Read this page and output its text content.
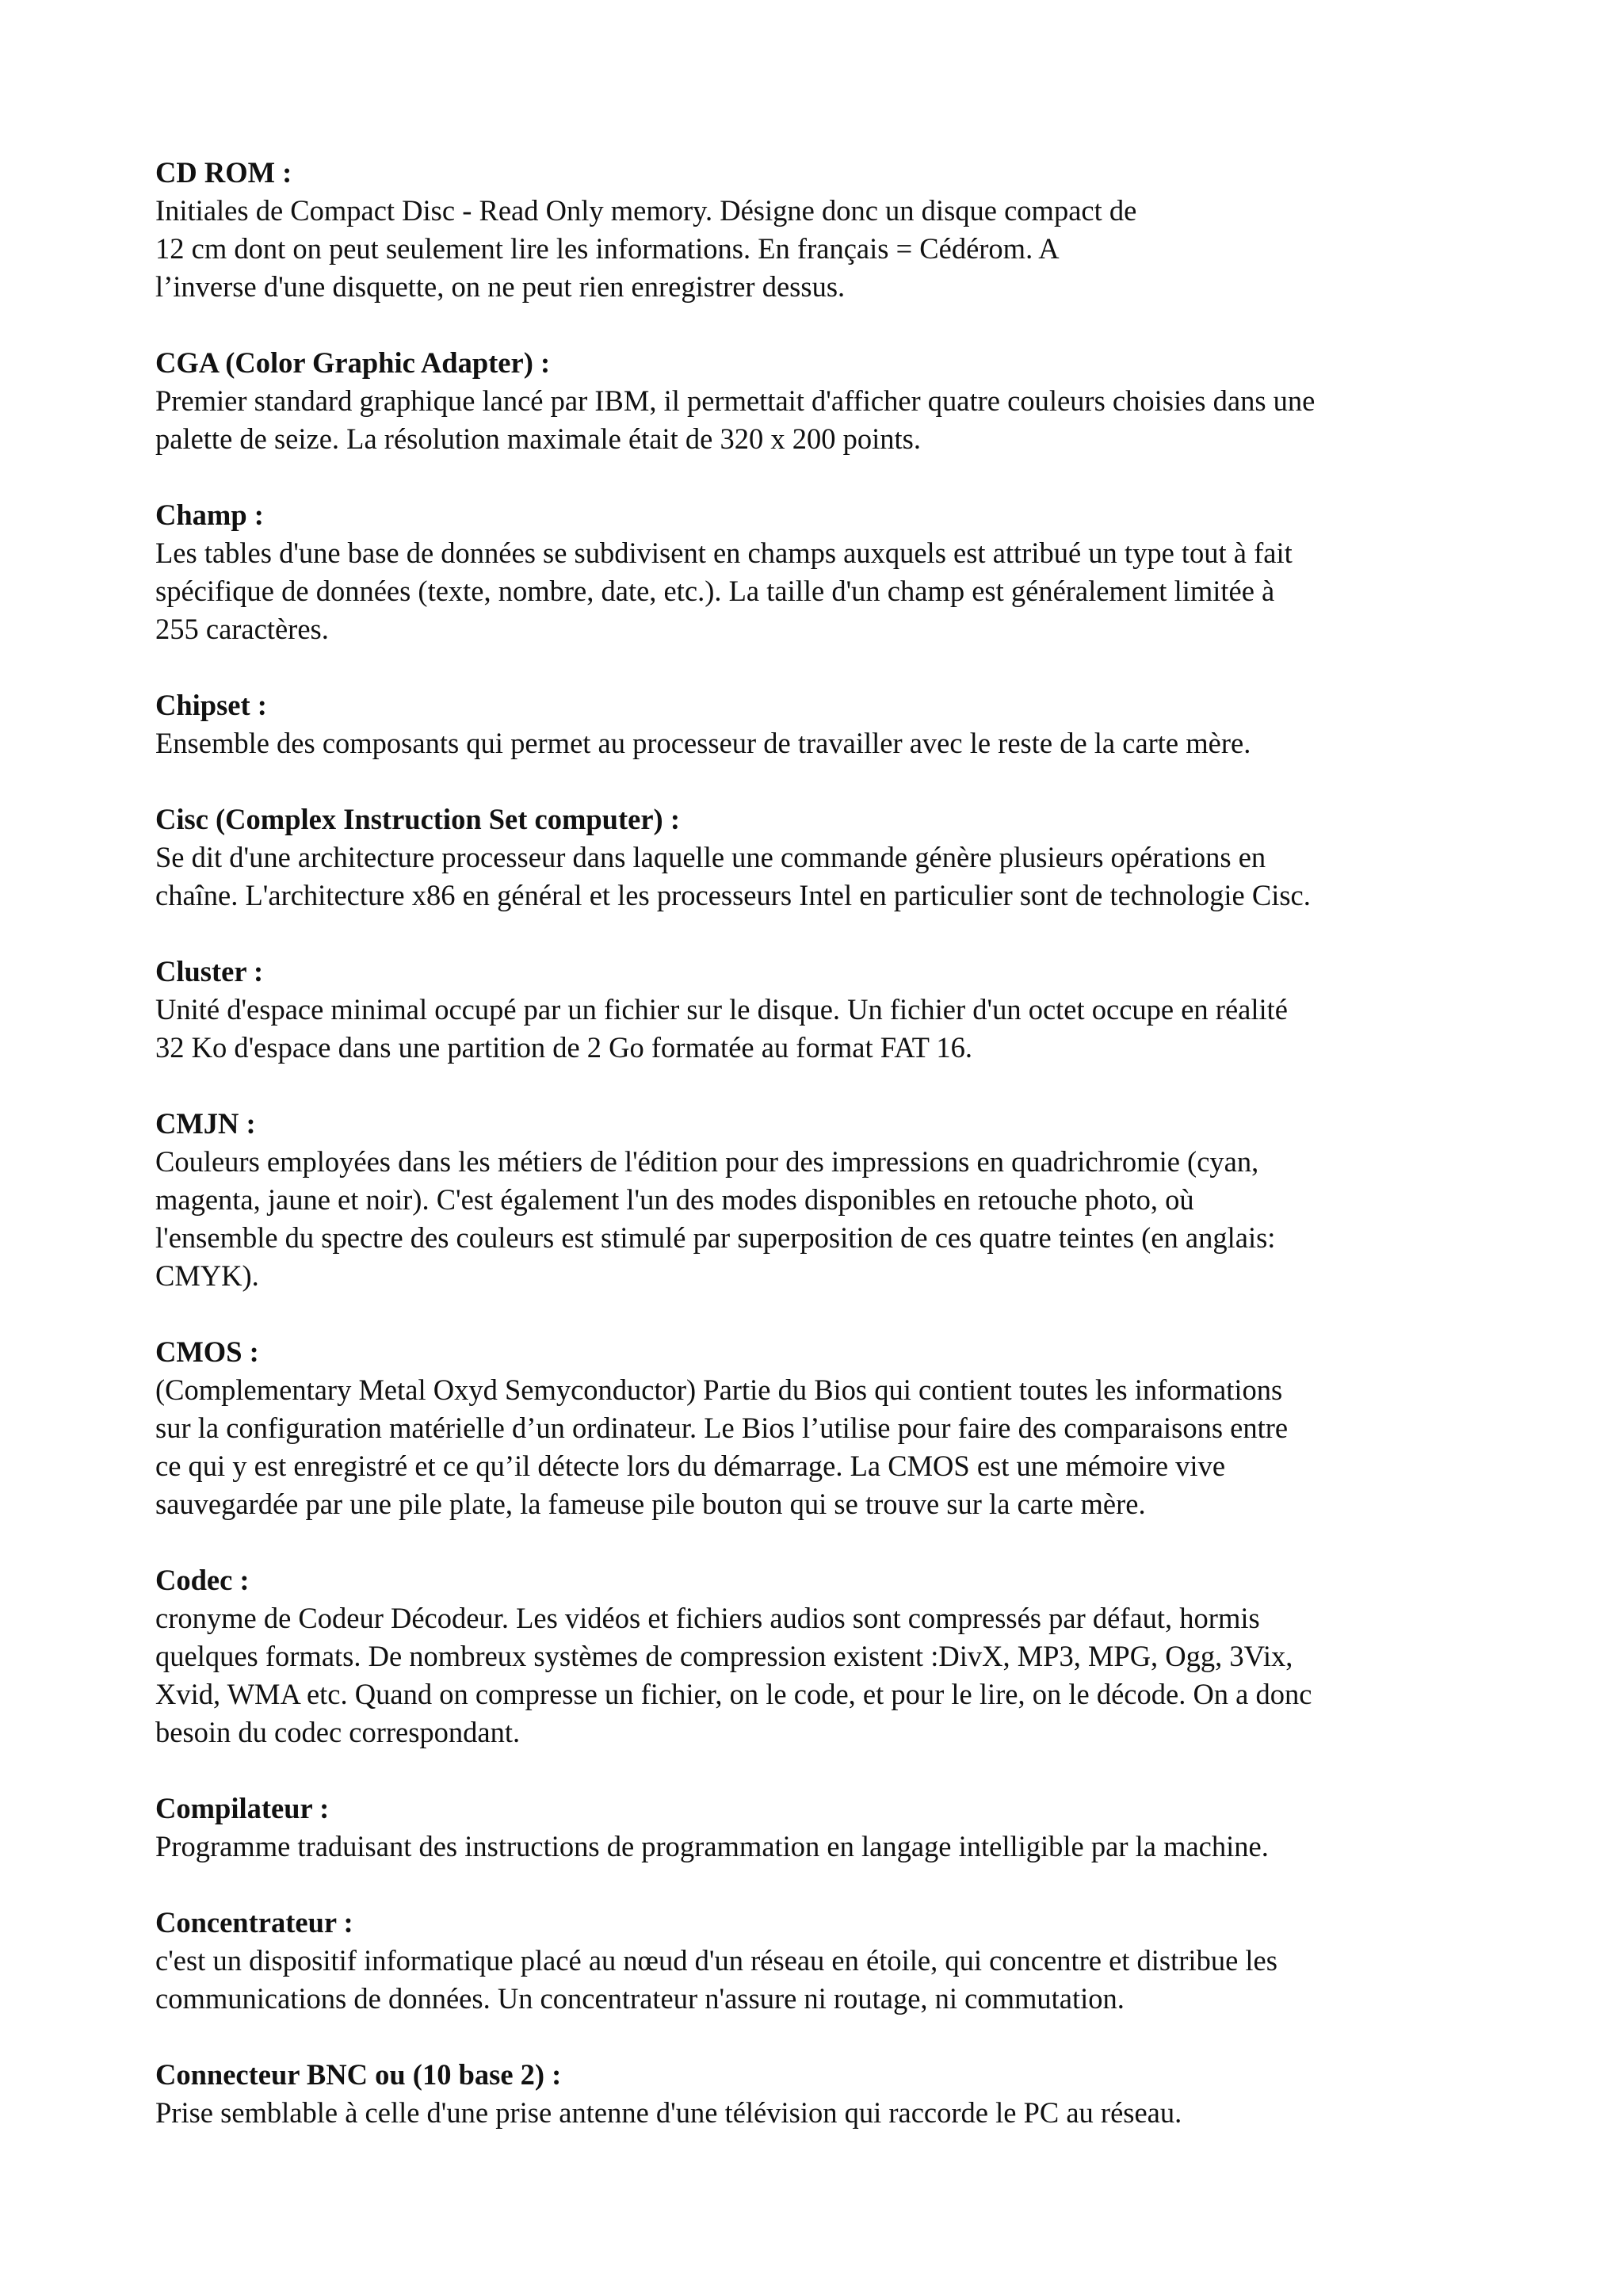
CD ROM :
Initiales de Compact Disc - Read Only memory. Désigne donc un disque compact de
12 cm dont on peut seulement lire les informations. En français = Cédérom. A
l’inverse d'une disquette, on ne peut rien enregistrer dessus.
CGA (Color Graphic Adapter) :
Premier standard graphique lancé par IBM, il permettait d'afficher quatre couleurs choisies dans une
palette de seize. La résolution maximale était de 320 x 200 points.
Champ :
Les tables d'une base de données se subdivisent en champs auxquels est attribué un type tout à fait
spécifique de données (texte, nombre, date, etc.). La taille d'un champ est généralement limitée à
255 caractères.
Chipset :
Ensemble des composants qui permet au processeur de travailler avec le reste de la carte mère.
Cisc (Complex Instruction Set computer) :
Se dit d'une architecture processeur dans laquelle une commande génère plusieurs opérations en
chaîne. L'architecture x86 en général et les processeurs Intel en particulier sont de technologie Cisc.
Cluster :
Unité d'espace minimal occupé par un fichier sur le disque. Un fichier d'un octet occupe en réalité
32 Ko d'espace dans une partition de 2 Go formatée au format FAT 16.
CMJN :
Couleurs employées dans les métiers de l'édition pour des impressions en quadrichromie (cyan,
magenta, jaune et noir). C'est également l'un des modes disponibles en retouche photo, où
l'ensemble du spectre des couleurs est stimulé par superposition de ces quatre teintes (en anglais:
CMYK).
CMOS :
(Complementary Metal Oxyd Semyconductor) Partie du Bios qui contient toutes les informations
sur la configuration matérielle d’un ordinateur. Le Bios l’utilise pour faire des comparaisons entre
ce qui y est enregistré et ce qu’il détecte lors du démarrage. La CMOS est une mémoire vive
sauvegardée par une pile plate, la fameuse pile bouton qui se trouve sur la carte mère.
Codec :
cronyme de Codeur Décodeur. Les vidéos et fichiers audios sont compressés par défaut, hormis
quelques formats. De nombreux systèmes de compression existent :DivX, MP3, MPG, Ogg, 3Vix,
Xvid, WMA etc. Quand on compresse un fichier, on le code, et pour le lire, on le décode. On a donc
besoin du codec correspondant.
Compilateur :
Programme traduisant des instructions de programmation en langage intelligible par la machine.
Concentrateur :
c'est un dispositif informatique placé au nœud d'un réseau en étoile, qui concentre et distribue les
communications de données. Un concentrateur n'assure ni routage, ni commutation.
Connecteur BNC ou (10 base 2) :
Prise semblable à celle d'une prise antenne d'une télévision qui raccorde le PC au réseau.
